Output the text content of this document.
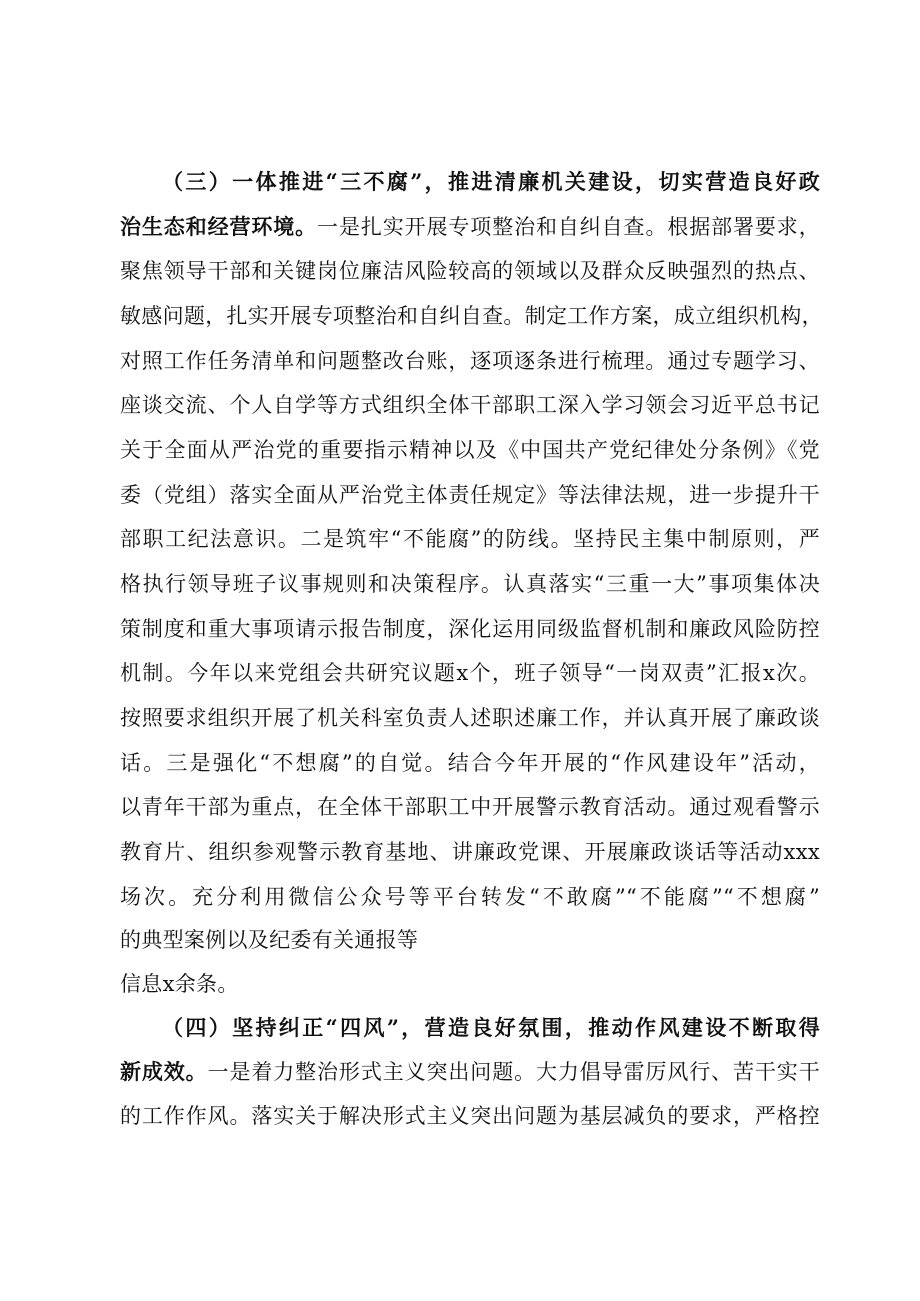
（三）一体推进“三不腐”，推进清廉机关建设，切实营造良好政
治生态和经营环境。一是扎实开展专项整治和自纠自查。根据部署要求，
聚焦领导干部和关键岗位廉洁风险较高的领域以及群众反映强烈的热点、
敏感问题，扎实开展专项整治和自纠自查。制定工作方案，成立组织机构，
对照工作任务清单和问题整改台账，逐项逐条进行梳理。通过专题学习、
座谈交流、个人自学等方式组织全体干部职工深入学习领会习近平总书记
关于全面从严治党的重要指示精神以及《中国共产党纪律处分条例》《党
委（党组）落实全面从严治党主体责任规定》等法律法规，进一步提升干
部职工纪法意识。二是筑牢“不能腐”的防线。坚持民主集中制原则，严
格执行领导班子议事规则和决策程序。认真落实“三重一大”事项集体决
策制度和重大事项请示报告制度，深化运用同级监督机制和廉政风险防控
机制。今年以来党组会共研究议题x个，班子领导“一岗双责”汇报x次。
按照要求组织开展了机关科室负责人述职述廉工作，并认真开展了廉政谈
话。三是强化“不想腐”的自觉。结合今年开展的“作风建设年”活动，
以青年干部为重点，在全体干部职工中开展警示教育活动。通过观看警示
教育片、组织参观警示教育基地、讲廉政党课、开展廉政谈话等活动xxx
场次。充分利用微信公众号等平台转发“不敢腐”“不能腐”“不想腐”
的典型案例以及纪委有关通报等
信息x余条。
（四）坚持纠正“四风”，营造良好氛围，推动作风建设不断取得
新成效。一是着力整治形式主义突出问题。大力倡导雷厉风行、苦干实干
的工作作风。落实关于解决形式主义突出问题为基层减负的要求，严格控
